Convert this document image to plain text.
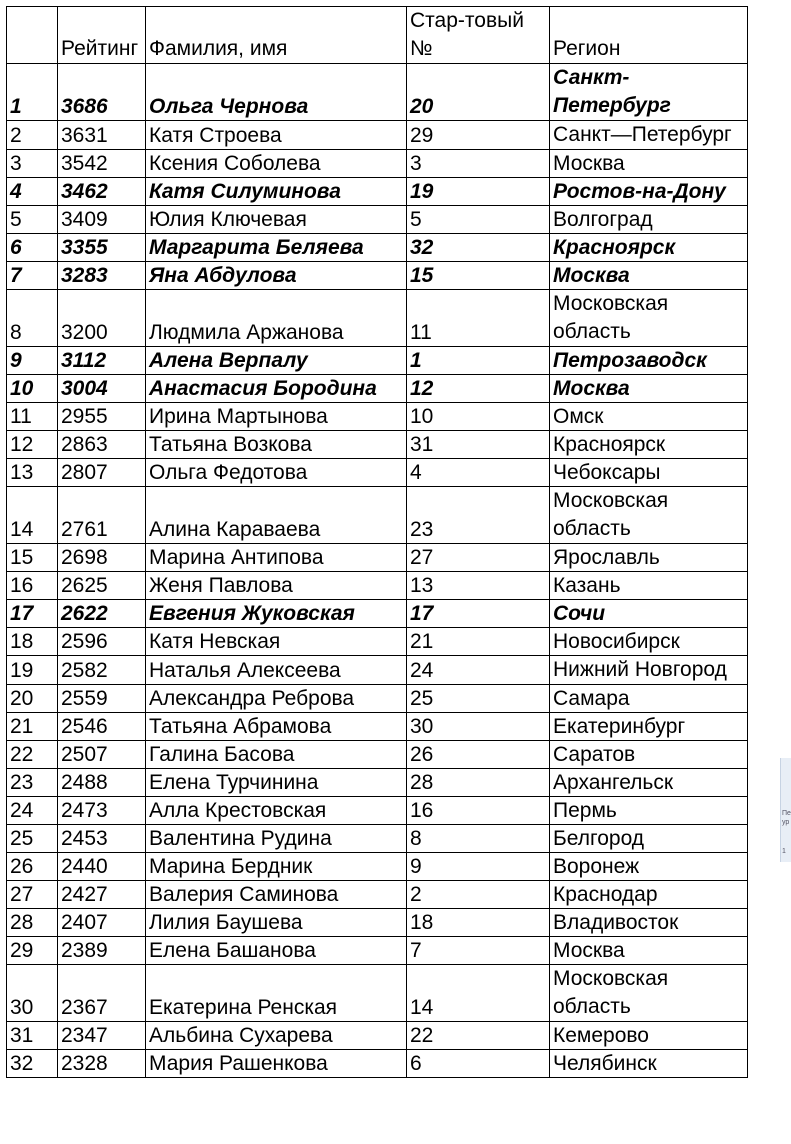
	Рейтинг	Фамилия, имя	Стар-товый №	Регион
1	3686	Ольга Чернова	20	Санкт-Петербург
2	3631	Катя Строева	29	Санкт—Петербург
3	3542	Ксения Соболева	3	Москва
4	3462	Катя Силуминова	19	Ростов-на-Дону
5	3409	Юлия Ключевая	5	Волгоград
6	3355	Маргарита Беляева	32	Красноярск
7	3283	Яна Абдулова	15	Москва
8	3200	Людмила Аржанова	11	Московская область
9	3112	Алена Верпалу	1	Петрозаводск
10	3004	Анастасия Бородина	12	Москва
11	2955	Ирина Мартынова	10	Омск
12	2863	Татьяна Возкова	31	Красноярск
13	2807	Ольга Федотова	4	Чебоксары
14	2761	Алина Караваева	23	Московская область
15	2698	Марина Антипова	27	Ярославль
16	2625	Женя Павлова	13	Казань
17	2622	Евгения Жуковская	17	Сочи
18	2596	Катя Невская	21	Новосибирск
19	2582	Наталья Алексеева	24	Нижний Новгород
20	2559	Александра Реброва	25	Самара
21	2546	Татьяна Абрамова	30	Екатеринбург
22	2507	Галина Басова	26	Саратов
23	2488	Елена Турчинина	28	Архангельск
24	2473	Алла Крестовская	16	Пермь
25	2453	Валентина Рудина	8	Белгород
26	2440	Марина Бердник	9	Воронеж
27	2427	Валерия Саминова	2	Краснодар
28	2407	Лилия Баушева	18	Владивосток
29	2389	Елена Башанова	7	Москва
30	2367	Екатерина Ренская	14	Московская область
31	2347	Альбина Сухарева	22	Кемерово
32	2328	Мария Рашенкова	6	Челябинск
Пе
ур
1
